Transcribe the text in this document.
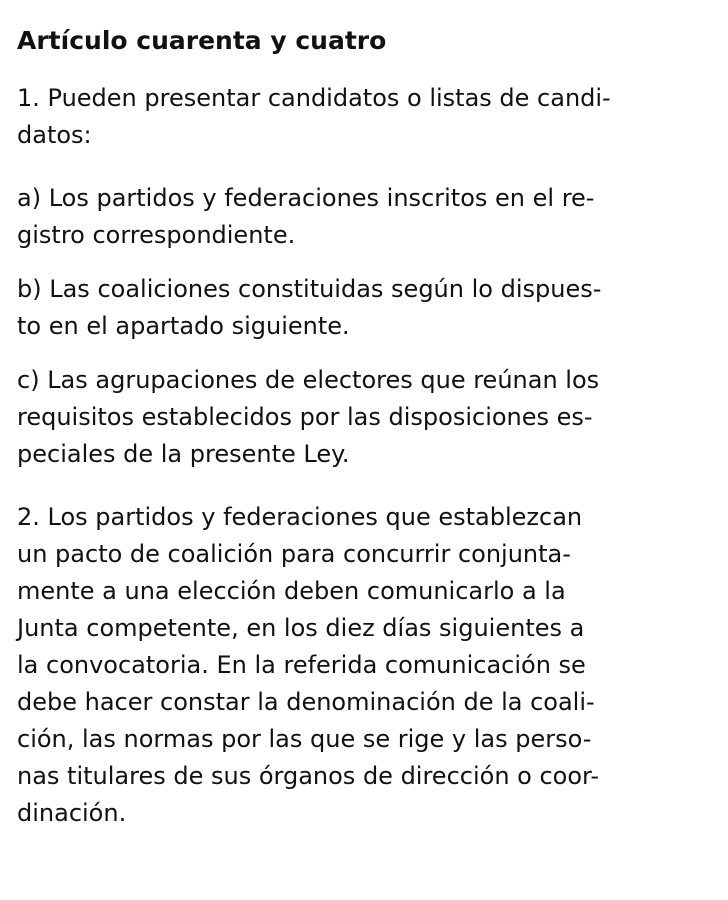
Artículo cuarenta y cuatro

1. Pueden presentar candidatos o listas de candi-
datos:

a) Los partidos y federaciones inscritos en el re-
gistro correspondiente.

b) Las coaliciones constituidas según lo dispues-
to en el apartado siguiente.

c) Las agrupaciones de electores que reúnan los
requisitos establecidos por las disposiciones es-
peciales de la presente Ley.

2. Los partidos y federaciones que establezcan
un pacto de coalición para concurrir conjunta-
mente a una elección deben comunicarlo a la
Junta competente, en los diez días siguientes a
la convocatoria. En la referida comunicación se
debe hacer constar la denominación de la coali-
ción, las normas por las que se rige y las perso-
nas titulares de sus órganos de dirección o coor-
dinación.
